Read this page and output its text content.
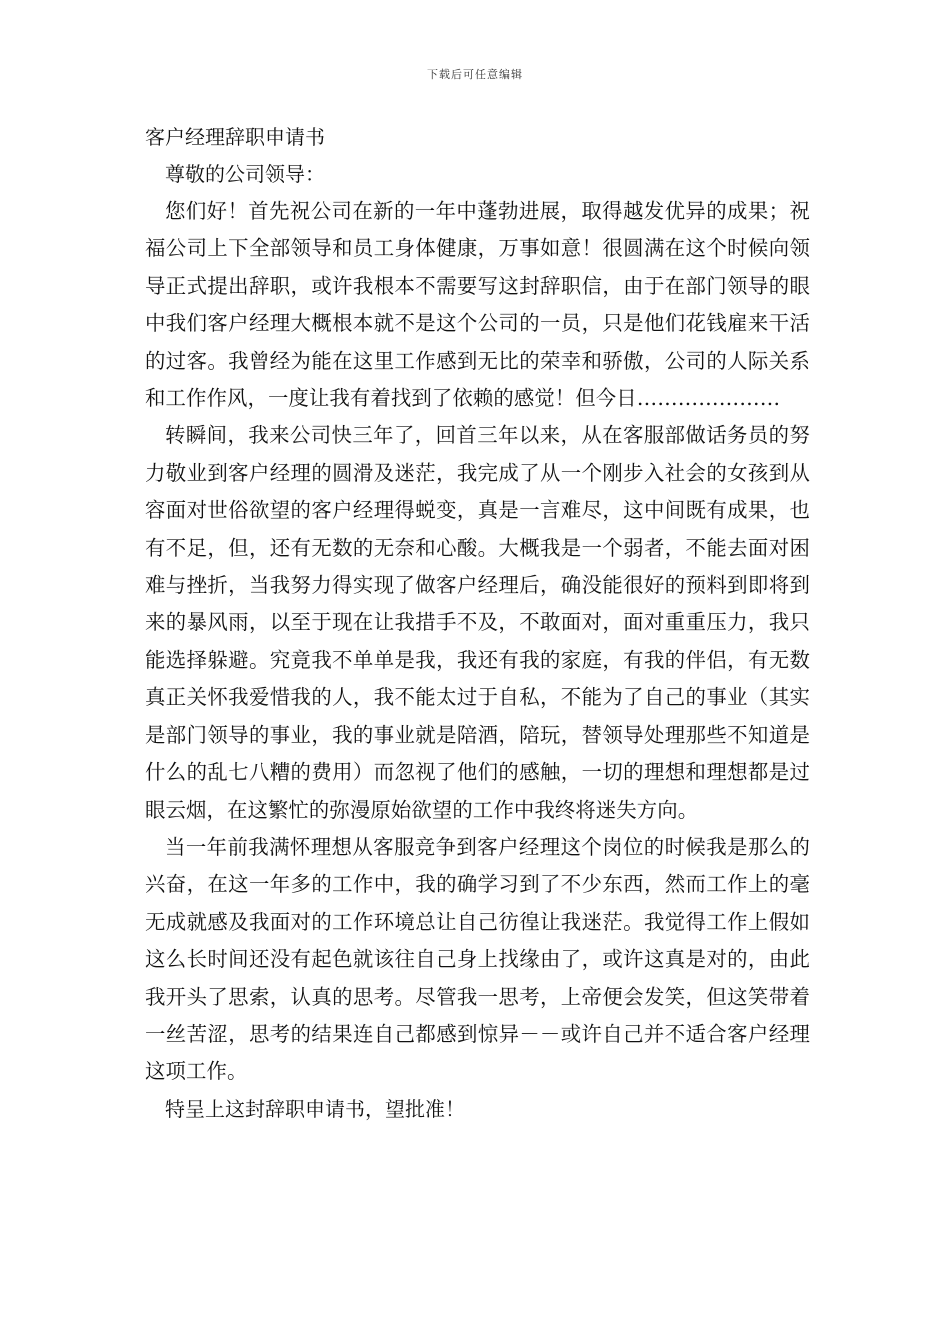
下载后可任意编辑
客户经理辞职申请书

尊敬的公司领导：

您们好！首先祝公司在新的一年中蓬勃进展，取得越发优异的成果；祝福公司上下全部领导和员工身体健康，万事如意！很圆满在这个时候向领导正式提出辞职，或许我根本不需要写这封辞职信，由于在部门领导的眼中我们客户经理大概根本就不是这个公司的一员，只是他们花钱雇来干活的过客。我曾经为能在这里工作感到无比的荣幸和骄傲，公司的人际关系和工作作风，一度让我有着找到了依赖的感觉！但今日…………………

转瞬间，我来公司快三年了，回首三年以来，从在客服部做话务员的努力敬业到客户经理的圆滑及迷茫，我完成了从一个刚步入社会的女孩到从容面对世俗欲望的客户经理得蜕变，真是一言难尽，这中间既有成果，也有不足，但，还有无数的无奈和心酸。大概我是一个弱者，不能去面对困难与挫折，当我努力得实现了做客户经理后，确没能很好的预料到即将到来的暴风雨，以至于现在让我措手不及，不敢面对，面对重重压力，我只能选择躲避。究竟我不单单是我，我还有我的家庭，有我的伴侣，有无数真正关怀我爱惜我的人，我不能太过于自私，不能为了自己的事业（其实是部门领导的事业，我的事业就是陪酒，陪玩，替领导处理那些不知道是什么的乱七八糟的费用）而忽视了他们的感触，一切的理想和理想都是过眼云烟，在这繁忙的弥漫原始欲望的工作中我终将迷失方向。

当一年前我满怀理想从客服竞争到客户经理这个岗位的时候我是那么的兴奋，在这一年多的工作中，我的确学习到了不少东西，然而工作上的毫无成就感及我面对的工作环境总让自己彷徨让我迷茫。我觉得工作上假如这么长时间还没有起色就该往自己身上找缘由了，或许这真是对的，由此我开头了思索，认真的思考。尽管我一思考，上帝便会发笑，但这笑带着一丝苦涩，思考的结果连自己都感到惊异－－或许自己并不适合客户经理这项工作。

特呈上这封辞职申请书，望批准！
